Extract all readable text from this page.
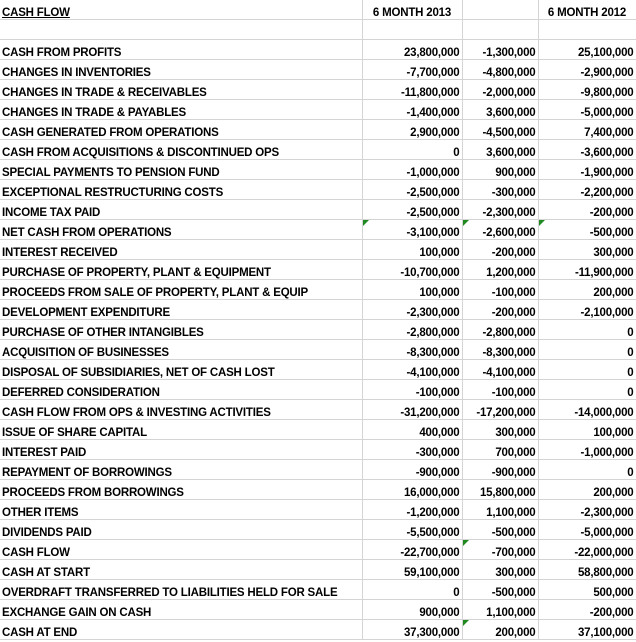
CASH FLOW	6 MONTH 2013		6 MONTH 2012

CASH FROM PROFITS	23,800,000	-1,300,000	25,100,000
CHANGES IN INVENTORIES	-7,700,000	-4,800,000	-2,900,000
CHANGES IN TRADE & RECEIVABLES	-11,800,000	-2,000,000	-9,800,000
CHANGES IN TRADE & PAYABLES	-1,400,000	3,600,000	-5,000,000
CASH GENERATED FROM OPERATIONS	2,900,000	-4,500,000	7,400,000
CASH FROM ACQUISITIONS & DISCONTINUED OPS	0	3,600,000	-3,600,000
SPECIAL PAYMENTS TO PENSION FUND	-1,000,000	900,000	-1,900,000
EXCEPTIONAL RESTRUCTURING COSTS	-2,500,000	-300,000	-2,200,000
INCOME TAX PAID	-2,500,000	-2,300,000	-200,000
NET CASH FROM OPERATIONS	-3,100,000	-2,600,000	-500,000
INTEREST RECEIVED	100,000	-200,000	300,000
PURCHASE OF PROPERTY, PLANT & EQUIPMENT	-10,700,000	1,200,000	-11,900,000
PROCEEDS FROM SALE OF PROPERTY, PLANT & EQUIP	100,000	-100,000	200,000
DEVELOPMENT EXPENDITURE	-2,300,000	-200,000	-2,100,000
PURCHASE OF OTHER INTANGIBLES	-2,800,000	-2,800,000	0
ACQUISITION OF BUSINESSES	-8,300,000	-8,300,000	0
DISPOSAL OF SUBSIDIARIES, NET OF CASH LOST	-4,100,000	-4,100,000	0
DEFERRED CONSIDERATION	-100,000	-100,000	0
CASH FLOW FROM OPS & INVESTING ACTIVITIES	-31,200,000	-17,200,000	-14,000,000
ISSUE OF SHARE CAPITAL	400,000	300,000	100,000
INTEREST PAID	-300,000	700,000	-1,000,000
REPAYMENT OF BORROWINGS	-900,000	-900,000	0
PROCEEDS FROM BORROWINGS	16,000,000	15,800,000	200,000
OTHER ITEMS	-1,200,000	1,100,000	-2,300,000
DIVIDENDS PAID	-5,500,000	-500,000	-5,000,000
CASH FLOW	-22,700,000	-700,000	-22,000,000
CASH AT START	59,100,000	300,000	58,800,000
OVERDRAFT TRANSFERRED TO LIABILITIES HELD FOR SALE	0	-500,000	500,000
EXCHANGE GAIN ON CASH	900,000	1,100,000	-200,000
CASH AT END	37,300,000	200,000	37,100,000
